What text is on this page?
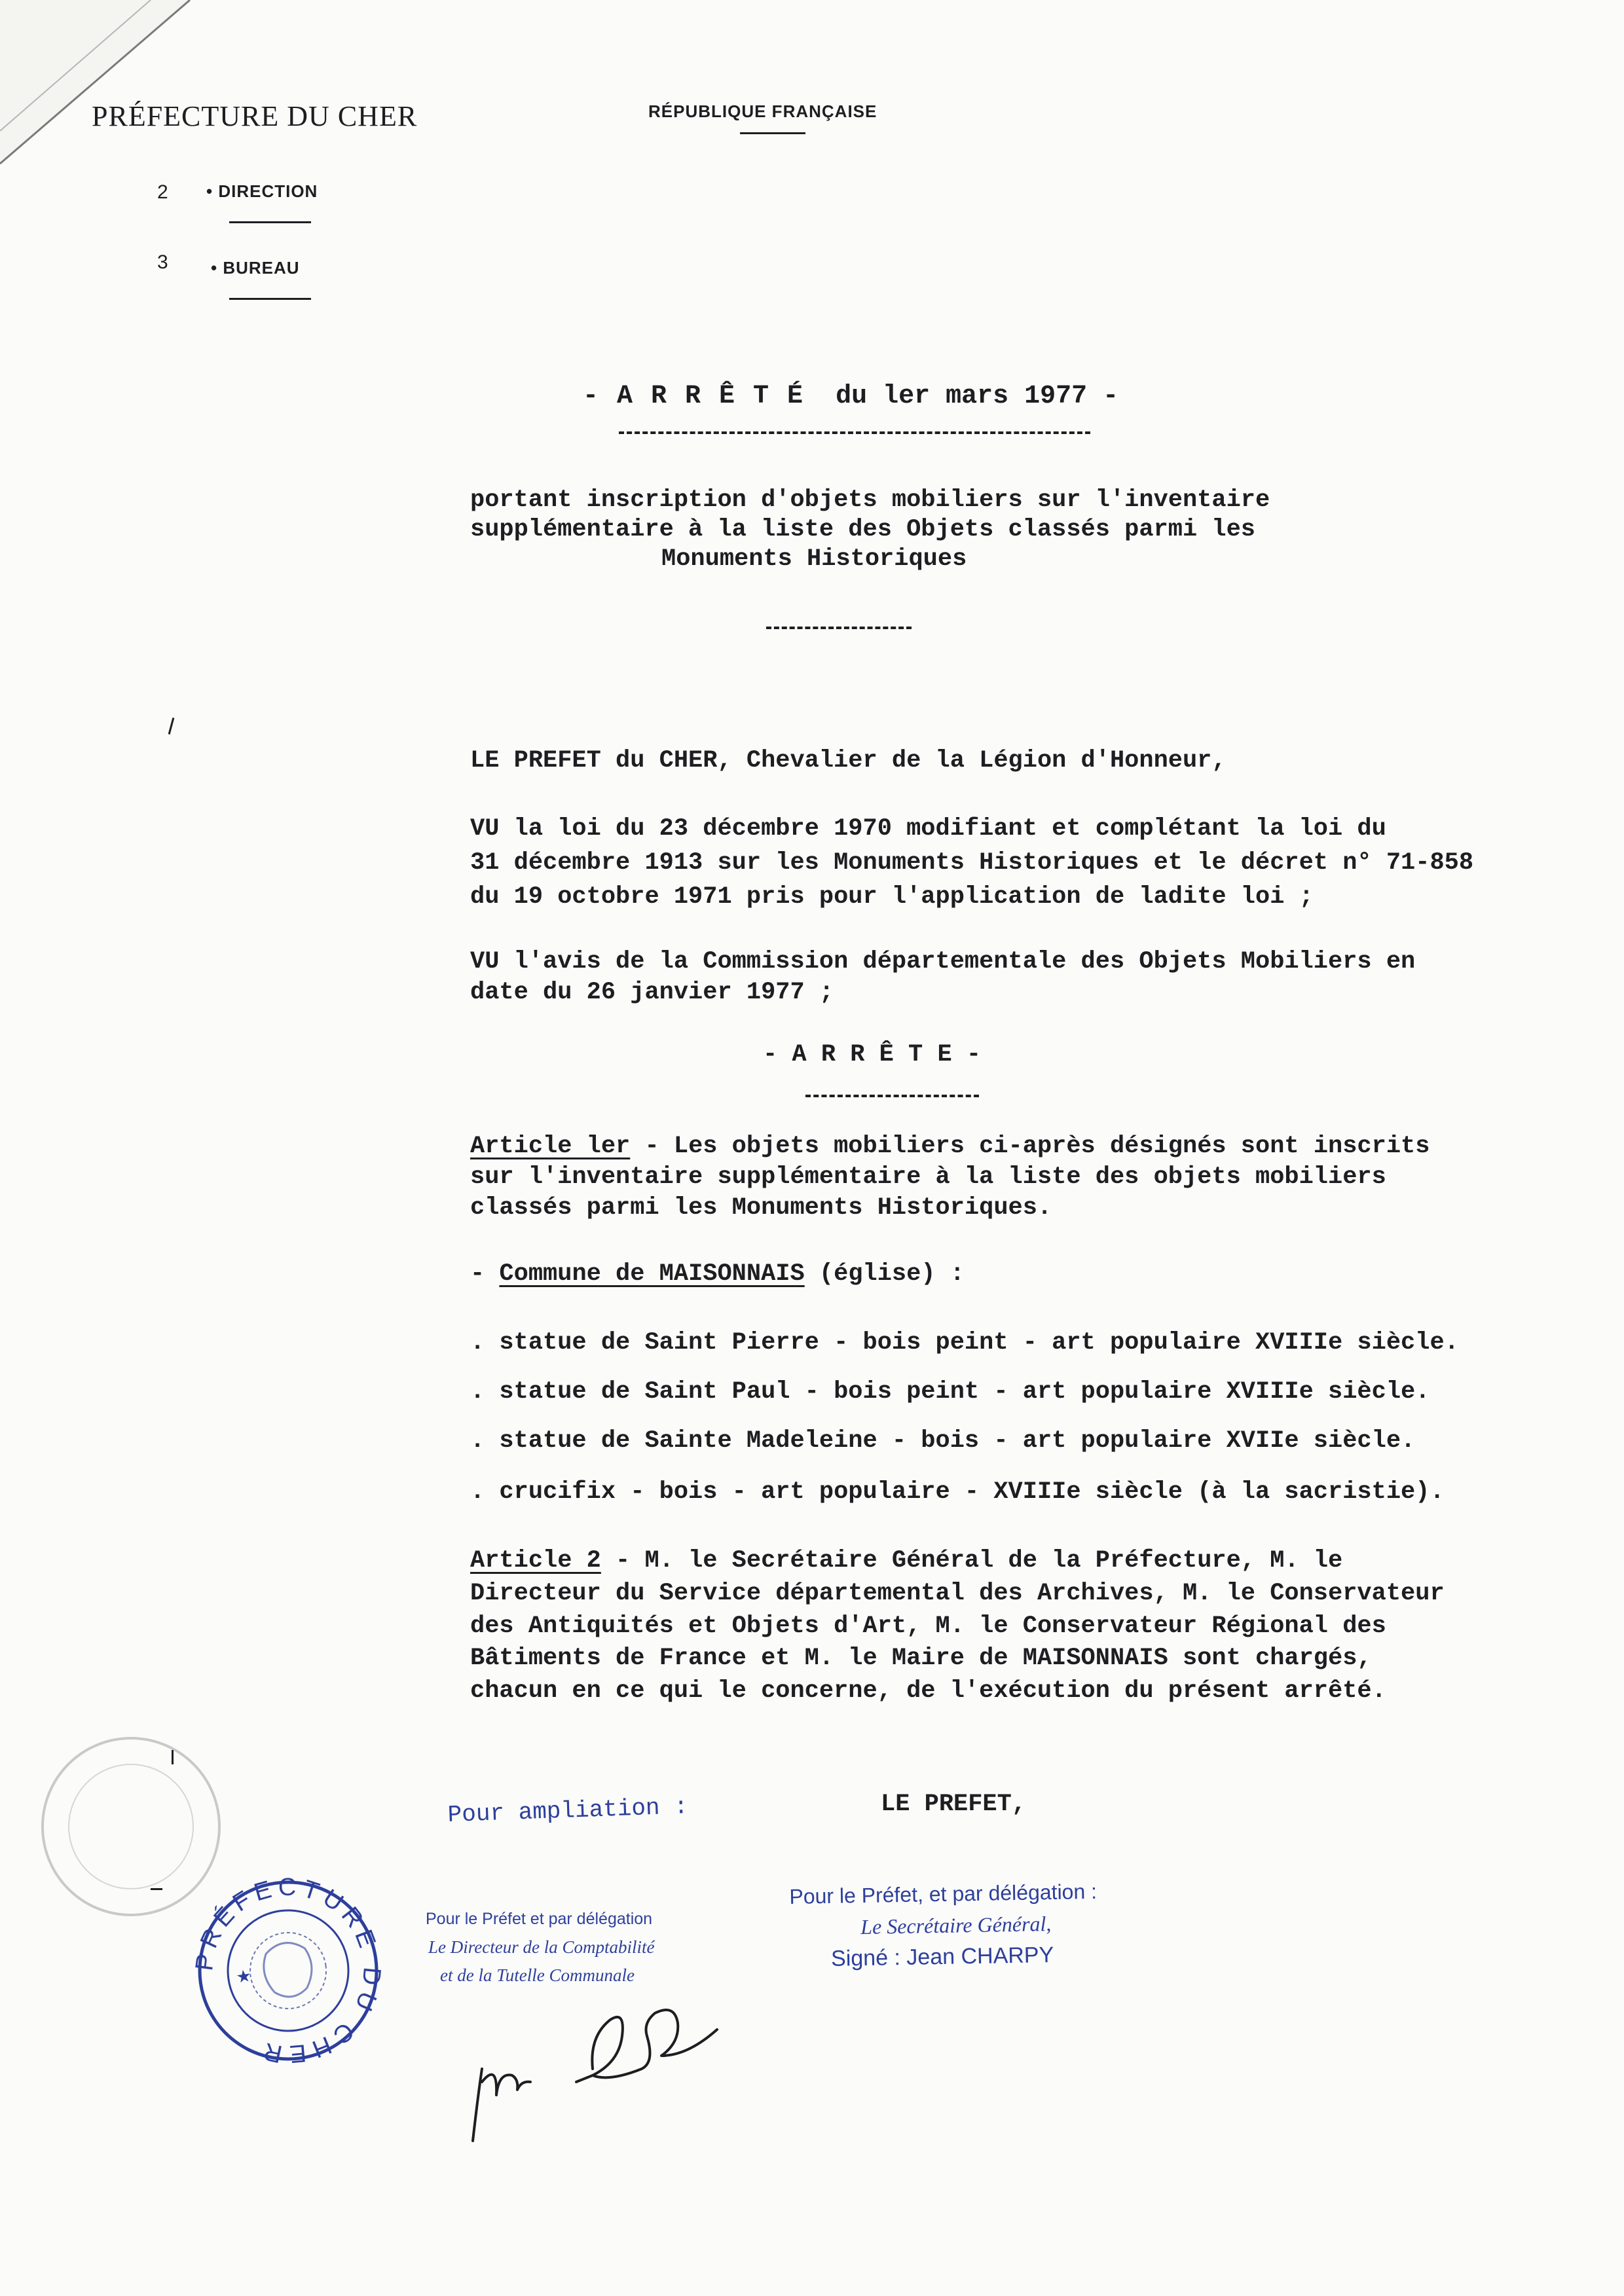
PRÉFECTURE DU CHER	RÉPUBLIQUE FRANÇAISE
2 • DIRECTION
3	• BUREAU
- A R R Ê T É du ler mars 1977 -
portant inscription d'objets mobiliers sur l'inventaire
supplémentaire à la liste des Objets classés parmi les
Monuments Historiques
LE PREFET du CHER, Chevalier de la Légion d'Honneur,
VU la loi du 23 décembre 1970 modifiant et complétant la loi du
31 décembre 1913 sur les Monuments Historiques et le décret n° 71-858
du 19 octobre 1971 pris pour l'application de ladite loi ;
VU l'avis de la Commission départementale des Objets Mobiliers en
date du 26 janvier 1977 ;
- A R R Ê T E -
Article ler - Les objets mobiliers ci-après désignés sont inscrits
sur l'inventaire supplémentaire à la liste des objets mobiliers
classés parmi les Monuments Historiques.
- Commune de MAISONNAIS (église) :
. statue de Saint Pierre - bois peint - art populaire XVIIIe siècle.
. statue de Saint Paul - bois peint - art populaire XVIIIe siècle.
. statue de Sainte Madeleine - bois - art populaire XVIIe siècle.
. crucifix - bois - art populaire - XVIIIe siècle (à la sacristie).
Article 2 - M. le Secrétaire Général de la Préfecture, M. le
Directeur du Service départemental des Archives, M. le Conservateur
des Antiquités et Objets d'Art, M. le Conservateur Régional des
Bâtiments de France et M. le Maire de MAISONNAIS sont chargés,
chacun en ce qui le concerne, de l'exécution du présent arrêté.
LE PREFET,
Pour ampliation :
Pour le Préfet et par délégation
Le Directeur de la Comptabilité
et de la Tutelle Communale
Pour le Préfet, et par délégation :
Le Secrétaire Général,
Signé : Jean CHARPY
PRÉFECTURE DU CHER
★
